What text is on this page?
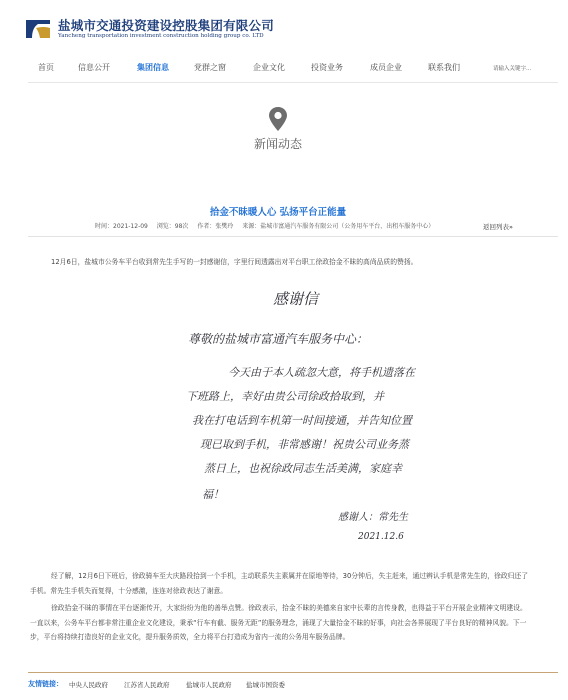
盐城市交通投资建设控股集团有限公司
Yancheng transportation investment construction holding group co. LTD
首页	信息公开	集团信息	党群之窗	企业文化	投资业务	成员企业	联系我们	请输入关键字...
新闻动态
拾金不昧暖人心 弘扬平台正能量
时间：2021-12-09 浏览：98次 作者：张樊玲 来源：盐城市富通汽车服务有限公司（公务用车平台、出租车服务中心）	返回列表»
12月6日，盐城市公务车平台收到常先生手写的一封感谢信，字里行间透露出对平台职工徐政拾金不昧的高尚品质的赞扬。
感谢信
尊敬的盐城市富通汽车服务中心：
今天由于本人疏忽大意，将手机遗落在
下班路上，幸好由贵公司徐政拾取到，并
我在打电话到车机第一时间接通，并告知位置
现已取到手机，非常感谢！祝贵公司业务蒸
蒸日上，也祝徐政同志生活美满，家庭幸
福！
感谢人：常先生
2021.12.6
经了解，12月6日下班后，徐政骑车至大庆路段拾到一个手机，主动联系失主素属并在原地等待，30分钟后，失主赶来，通过辨认手机是常先生的，徐政归还了手机。常先生手机失而复得，十分感激，连连对徐政表达了谢意。
徐政拾金不昧的事情在平台逐渐传开，大家纷纷为他的善举点赞。徐政表示，拾金不昧的美德来自家中长辈的言传身教，也得益于平台开展企业精神文明建设。一直以来，公务车平台都非常注重企业文化建设，秉承“行车有截、服务无距”的服务理念，涌现了大量拾金不昧的好事，向社会各界展现了平台良好的精神风貌。下一步，平台将持续打造良好的企业文化，提升服务质效，全力将平台打造成为省内一流的公务用车服务品牌。
友情链接： 中央人民政府 江苏省人民政府	盐城市人民政府 盐城市国资委
